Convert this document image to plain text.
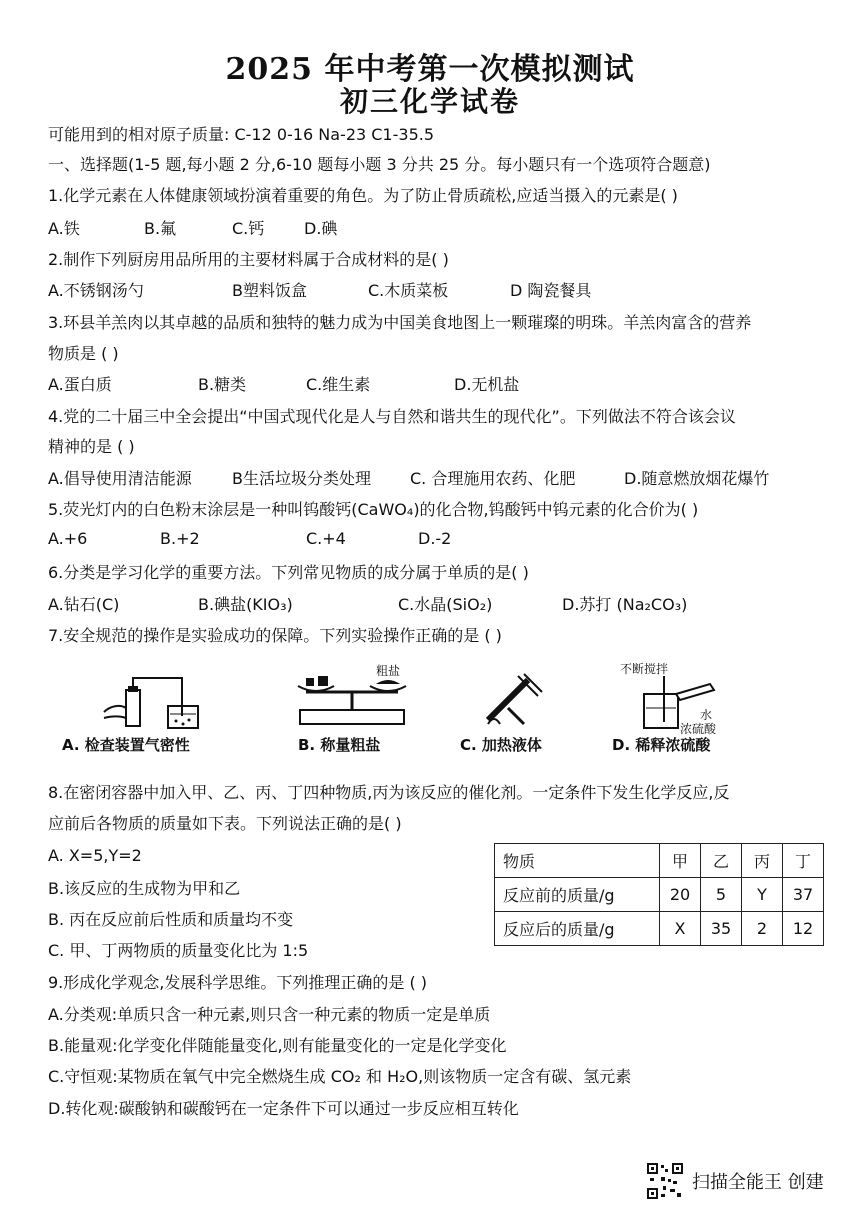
2025 年中考第一次模拟测试
初三化学试卷
可能用到的相对原子质量: C-12 0-16 Na-23 C1-35.5
一、选择题(1-5 题,每小题 2 分,6-10 题每小题 3 分共 25 分。每小题只有一个选项符合题意)
1.化学元素在人体健康领域扮演着重要的角色。为了防止骨质疏松,应适当摄入的元素是( )
A.铁	B.氟	C.钙 D.碘
2.制作下列厨房用品所用的主要材料属于合成材料的是( )
A.不锈钢汤勺	B塑料饭盒	C.木质菜板	D 陶瓷餐具
3.环县羊羔肉以其卓越的品质和独特的魅力成为中国美食地图上一颗璀璨的明珠。羊羔肉富含的营养
物质是 ( )
A.蛋白质	B.糖类	C.维生素	D.无机盐
4.党的二十届三中全会提出“中国式现代化是人与自然和谐共生的现代化”。下列做法不符合该会议
精神的是 ( )
A.倡导使用清洁能源	B生活垃圾分类处理 C. 合理施用农药、化肥	D.随意燃放烟花爆竹
5.荧光灯内的白色粉末涂层是一种叫钨酸钙(CaWO₄)的化合物,钨酸钙中钨元素的化合价为( )
A.+6	B.+2	C.+4	D.-2
6.分类是学习化学的重要方法。下列常见物质的成分属于单质的是( )
A.钻石(C)	B.碘盐(KIO₃)	C.水晶(SiO₂)	D.苏打 (Na₂CO₃)
7.安全规范的操作是实验成功的保障。下列实验操作正确的是 ( )
A. 检查装置气密性
粗盐
B. 称量粗盐	C. 加热液体
不断搅拌
水
浓硫酸
D. 稀释浓硫酸
8.在密闭容器中加入甲、乙、丙、丁四种物质,丙为该反应的催化剂。一定条件下发生化学反应,反
应前后各物质的质量如下表。下列说法正确的是( )
A. X=5,Y=2
B.该反应的生成物为甲和乙
B. 丙在反应前后性质和质量均不变
C. 甲、丁两物质的质量变化比为 1:5
物质	甲	乙	丙	丁
反应前的质量/g	20	5	Y	37
反应后的质量/g	X	35	2	12
9.形成化学观念,发展科学思维。下列推理正确的是 ( )
A.分类观:单质只含一种元素,则只含一种元素的物质一定是单质
B.能量观:化学变化伴随能量变化,则有能量变化的一定是化学变化
C.守恒观:某物质在氧气中完全燃烧生成 CO₂ 和 H₂O,则该物质一定含有碳、氢元素
D.转化观:碳酸钠和碳酸钙在一定条件下可以通过一步反应相互转化
扫描全能王 创建
